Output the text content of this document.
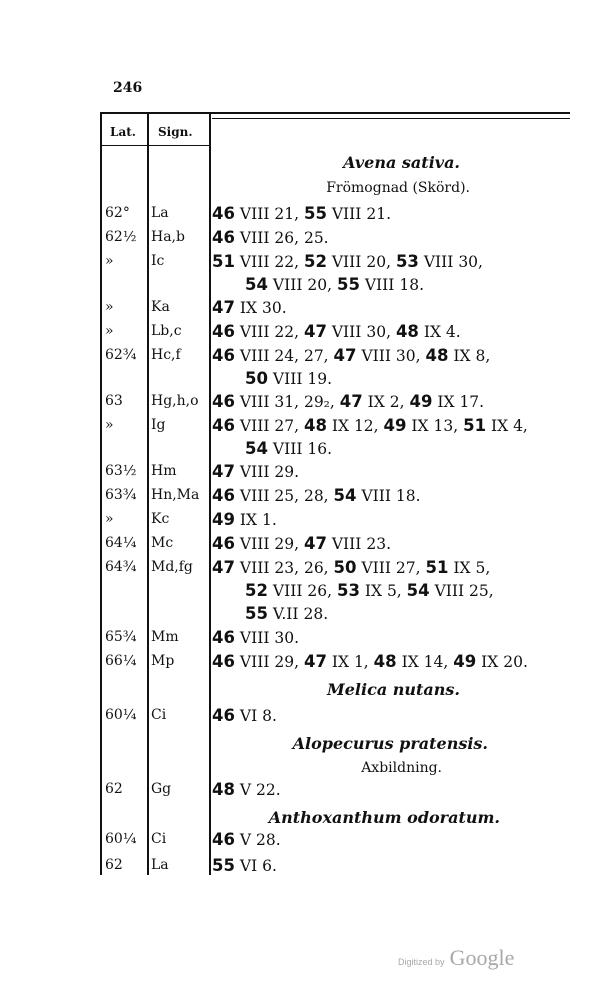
246
Lat. Sign.
Avena sativa.
Frömognad (Skörd).
62° La	46 VIII 21, 55 VIII 21.
62½ Ha,b 46 VIII 26, 25.
»	Ic	51 VIII 22, 52 VIII 20, 53 VIII 30,
54 VIII 20, 55 VIII 18.
»	Ka	47 IX 30.
»	Lb,c 46 VIII 22, 47 VIII 30, 48 IX 4.
62¾ Hc,f 46 VIII 24, 27, 47 VIII 30, 48 IX 8,
50 VIII 19.
63 Hg,h,o 46 VIII 31, 29₂, 47 IX 2, 49 IX 17.
»	Ig	46 VIII 27, 48 IX 12, 49 IX 13, 51 IX 4,
54 VIII 16.
63½ Hm 47 VIII 29.
63¾ Hn,Ma 46 VIII 25, 28, 54 VIII 18.
»	Kc	49 IX 1.
64¼ Mc 46 VIII 29, 47 VIII 23.
64¾ Md,fg 47 VIII 23, 26, 50 VIII 27, 51 IX 5,
52 VIII 26, 53 IX 5, 54 VIII 25,
55 V.II 28.
65¾ Mm 46 VIII 30.
66¼ Mp 46 VIII 29, 47 IX 1, 48 IX 14, 49 IX 20.
Melica nutans.
60¼ Ci	46 VI 8.
Alopecurus pratensis.
Axbildning.
62 Gg 48 V 22.
Anthoxanthum odoratum.
60¼ Ci	46 V 28.
62 La	55 VI 6.
Digitized by Google
